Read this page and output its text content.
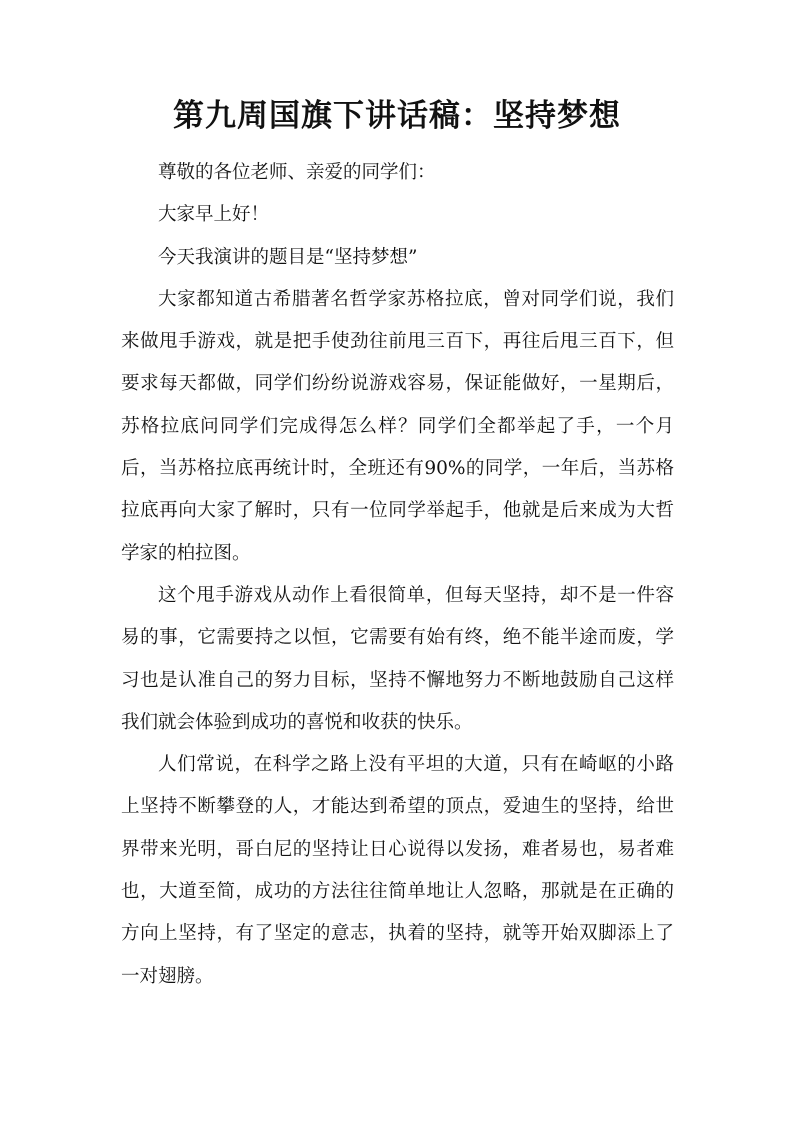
第九周国旗下讲话稿：坚持梦想

尊敬的各位老师、亲爱的同学们：

大家早上好！

今天我演讲的题目是“坚持梦想”

大家都知道古希腊著名哲学家苏格拉底，曾对同学们说，我们来做甩手游戏，就是把手使劲往前甩三百下，再往后甩三百下，但要求每天都做，同学们纷纷说游戏容易，保证能做好，一星期后，苏格拉底问同学们完成得怎么样？同学们全都举起了手，一个月后，当苏格拉底再统计时，全班还有90%的同学，一年后，当苏格拉底再向大家了解时，只有一位同学举起手，他就是后来成为大哲学家的柏拉图。

这个甩手游戏从动作上看很简单，但每天坚持，却不是一件容易的事，它需要持之以恒，它需要有始有终，绝不能半途而废，学习也是认准自己的努力目标，坚持不懈地努力不断地鼓励自己这样我们就会体验到成功的喜悦和收获的快乐。

人们常说，在科学之路上没有平坦的大道，只有在崎岖的小路上坚持不断攀登的人，才能达到希望的顶点，爱迪生的坚持，给世界带来光明，哥白尼的坚持让日心说得以发扬，难者易也，易者难也，大道至简，成功的方法往往简单地让人忽略，那就是在正确的方向上坚持，有了坚定的意志，执着的坚持，就等开始双脚添上了一对翅膀。
